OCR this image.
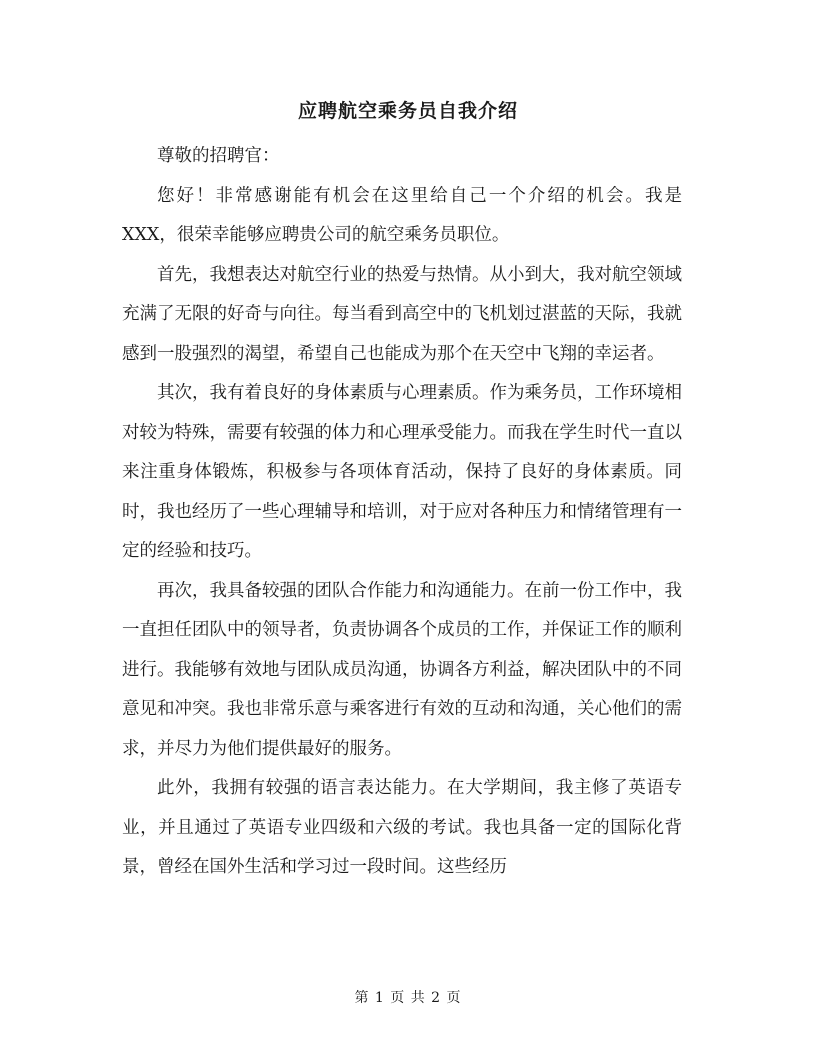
应聘航空乘务员自我介绍

尊敬的招聘官：

您好！非常感谢能有机会在这里给自己一个介绍的机会。我是XXX，很荣幸能够应聘贵公司的航空乘务员职位。

首先，我想表达对航空行业的热爱与热情。从小到大，我对航空领域充满了无限的好奇与向往。每当看到高空中的飞机划过湛蓝的天际，我就感到一股强烈的渴望，希望自己也能成为那个在天空中飞翔的幸运者。

其次，我有着良好的身体素质与心理素质。作为乘务员，工作环境相对较为特殊，需要有较强的体力和心理承受能力。而我在学生时代一直以来注重身体锻炼，积极参与各项体育活动，保持了良好的身体素质。同时，我也经历了一些心理辅导和培训，对于应对各种压力和情绪管理有一定的经验和技巧。

再次，我具备较强的团队合作能力和沟通能力。在前一份工作中，我一直担任团队中的领导者，负责协调各个成员的工作，并保证工作的顺利进行。我能够有效地与团队成员沟通，协调各方利益，解决团队中的不同意见和冲突。我也非常乐意与乘客进行有效的互动和沟通，关心他们的需求，并尽力为他们提供最好的服务。

此外，我拥有较强的语言表达能力。在大学期间，我主修了英语专业，并且通过了英语专业四级和六级的考试。我也具备一定的国际化背景，曾经在国外生活和学习过一段时间。这些经历

第 1 页 共 2 页
